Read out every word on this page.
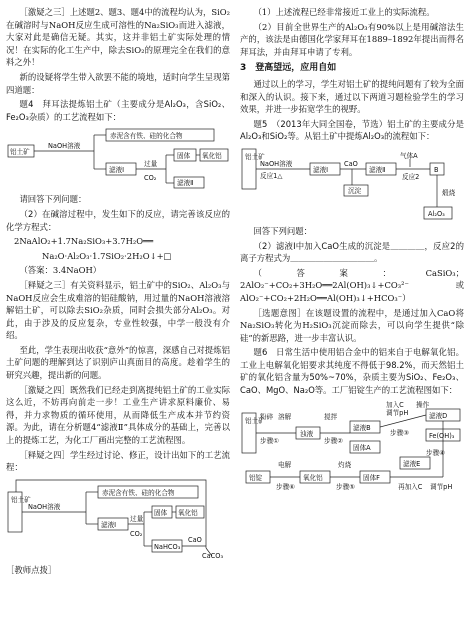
［激疑之三］上述题2、题3、题4中的流程均认为，SiO₂在碱溶时与NaOH反应生成可溶性的Na₂SiO₃而进入滤液，大家对此是确信无疑。其实，这并非铝土矿实际处理的情况！在实际的化工生产中，除去SiO₂的原理完全在我们的意料之外！

新的设疑将学生带入欲罢不能的境地，适时向学生呈现第四道题：

题4　拜耳法提炼铝土矿（主要成分是Al₂O₃，含SiO₂、Fe₂O₃杂质）的工艺流程如下：

铝土矿
NaOH溶液
赤泥含有铁、硅的化合物
滤液Ⅰ
过量
CO₂
固体 氧化铝
滤液Ⅱ

请回答下列问题：

（2）在碱溶过程中，发生如下的反应，请完善该反应的化学方程式：

2NaAlO₂+1.7Na₂SiO₃+3.7H₂O══

Na₂O·Al₂O₃·1.7SiO₂·2H₂O↓+□

（答案：3.4NaOH）

［释疑之三］有关资料显示，铝土矿中的SiO₂、Al₂O₃与NaOH反应会生成难溶的铝硅酸钠，用过量的NaOH溶液溶解铝土矿，可以除去SiO₂杂质，同时会损失部分Al₂O₃。对此，由于涉及的反应复杂，专业性较强，中学一般没有介绍。

至此，学生表现出收获“意外”的惊喜，深感自己对提炼铝土矿问题的理解到达了识别庐山真面目的高度。趁着学生的研究兴趣，提出新的问题。

［激疑之四］既然我们已经走到离提纯铝土矿的工业实际这么近，不妨再向前走一步！工业生产讲求原料廉价、易得，并力求物质的循环使用，从而降低生产成本并节约资源。为此，请在分析题4“滤液Ⅱ”具体成分的基础上，完善以上的提炼工艺，为化工厂画出完整的工艺流程图。

［释疑之四］学生经过讨论、修正，设计出如下的工艺流程：

铝土矿
NaOH溶液
赤泥含有铁、硅的化合物
滤液Ⅰ
过量
CO₂
固体 氧化铝
NaHCO₃
CaO
CaCO₃

［教师点拨］

（1）上述流程已经非常接近工业上的实际流程。

（2）目前全世界生产的Al₂O₃有90%以上是用碱溶法生产的，该法是由德国化学家拜耳在1889–1892年提出而得名拜耳法，并由拜耳申请了专利。

3　登高望远，应用自如

通过以上的学习，学生对铝土矿的提纯问题有了较为全面和深入的认识。接下来，通过以下两道习题检验学生的学习效果，并进一步拓宽学生的视野。

题5　（2013年大同全国卷，节选）铝土矿的主要成分是Al₂O₃和SiO₂等。从铝土矿中提炼Al₂O₃的流程如下：

铝土矿
NaOH溶液
反应1△
滤液Ⅰ
CaO
滤液Ⅱ
气体A
反应2
B
沉淀	煅烧
Al₂O₃

回答下列问题：

（2）滤液Ⅰ中加入CaO生成的沉淀是＿＿＿＿，反应2的离子方程式为＿＿＿＿＿＿＿＿＿＿。

（答案：CaSiO₃；2AlO₂⁻+CO₂+3H₂O══2Al(OH)₃↓+CO₃²⁻或AlO₂⁻+CO₂+2H₂O══Al(OH)₃↓+HCO₃⁻）

［选题意图］在该题设置的流程中，是通过加入CaO将Na₂SiO₃转化为H₂SiO₃沉淀而除去，可以向学生提供“除硅”的新思路，进一步丰富认识。

题6　日常生活中使用铝合金中的铝来自于电解氧化铝。工业上电解氧化铝要求其纯度不得低于98.2%，而天然铝土矿的氧化铝含量为50%~70%，杂质主要为SiO₂、Fe₂O₃、CaO、MgO、Na₂O等。工厂铝锭生产的工艺流程图如下：

铝土矿
粉碎
步骤①
溶解
浊液
搅拌
步骤②
滤液B
加入C
调节pH
操作
滤液D
Fe(OH)₃
步骤③
固体A
步骤④
铝锭
电解
步骤⑥
氧化铝
灼烧
步骤⑤
固体F
滤液E
再加入C 调节pH
